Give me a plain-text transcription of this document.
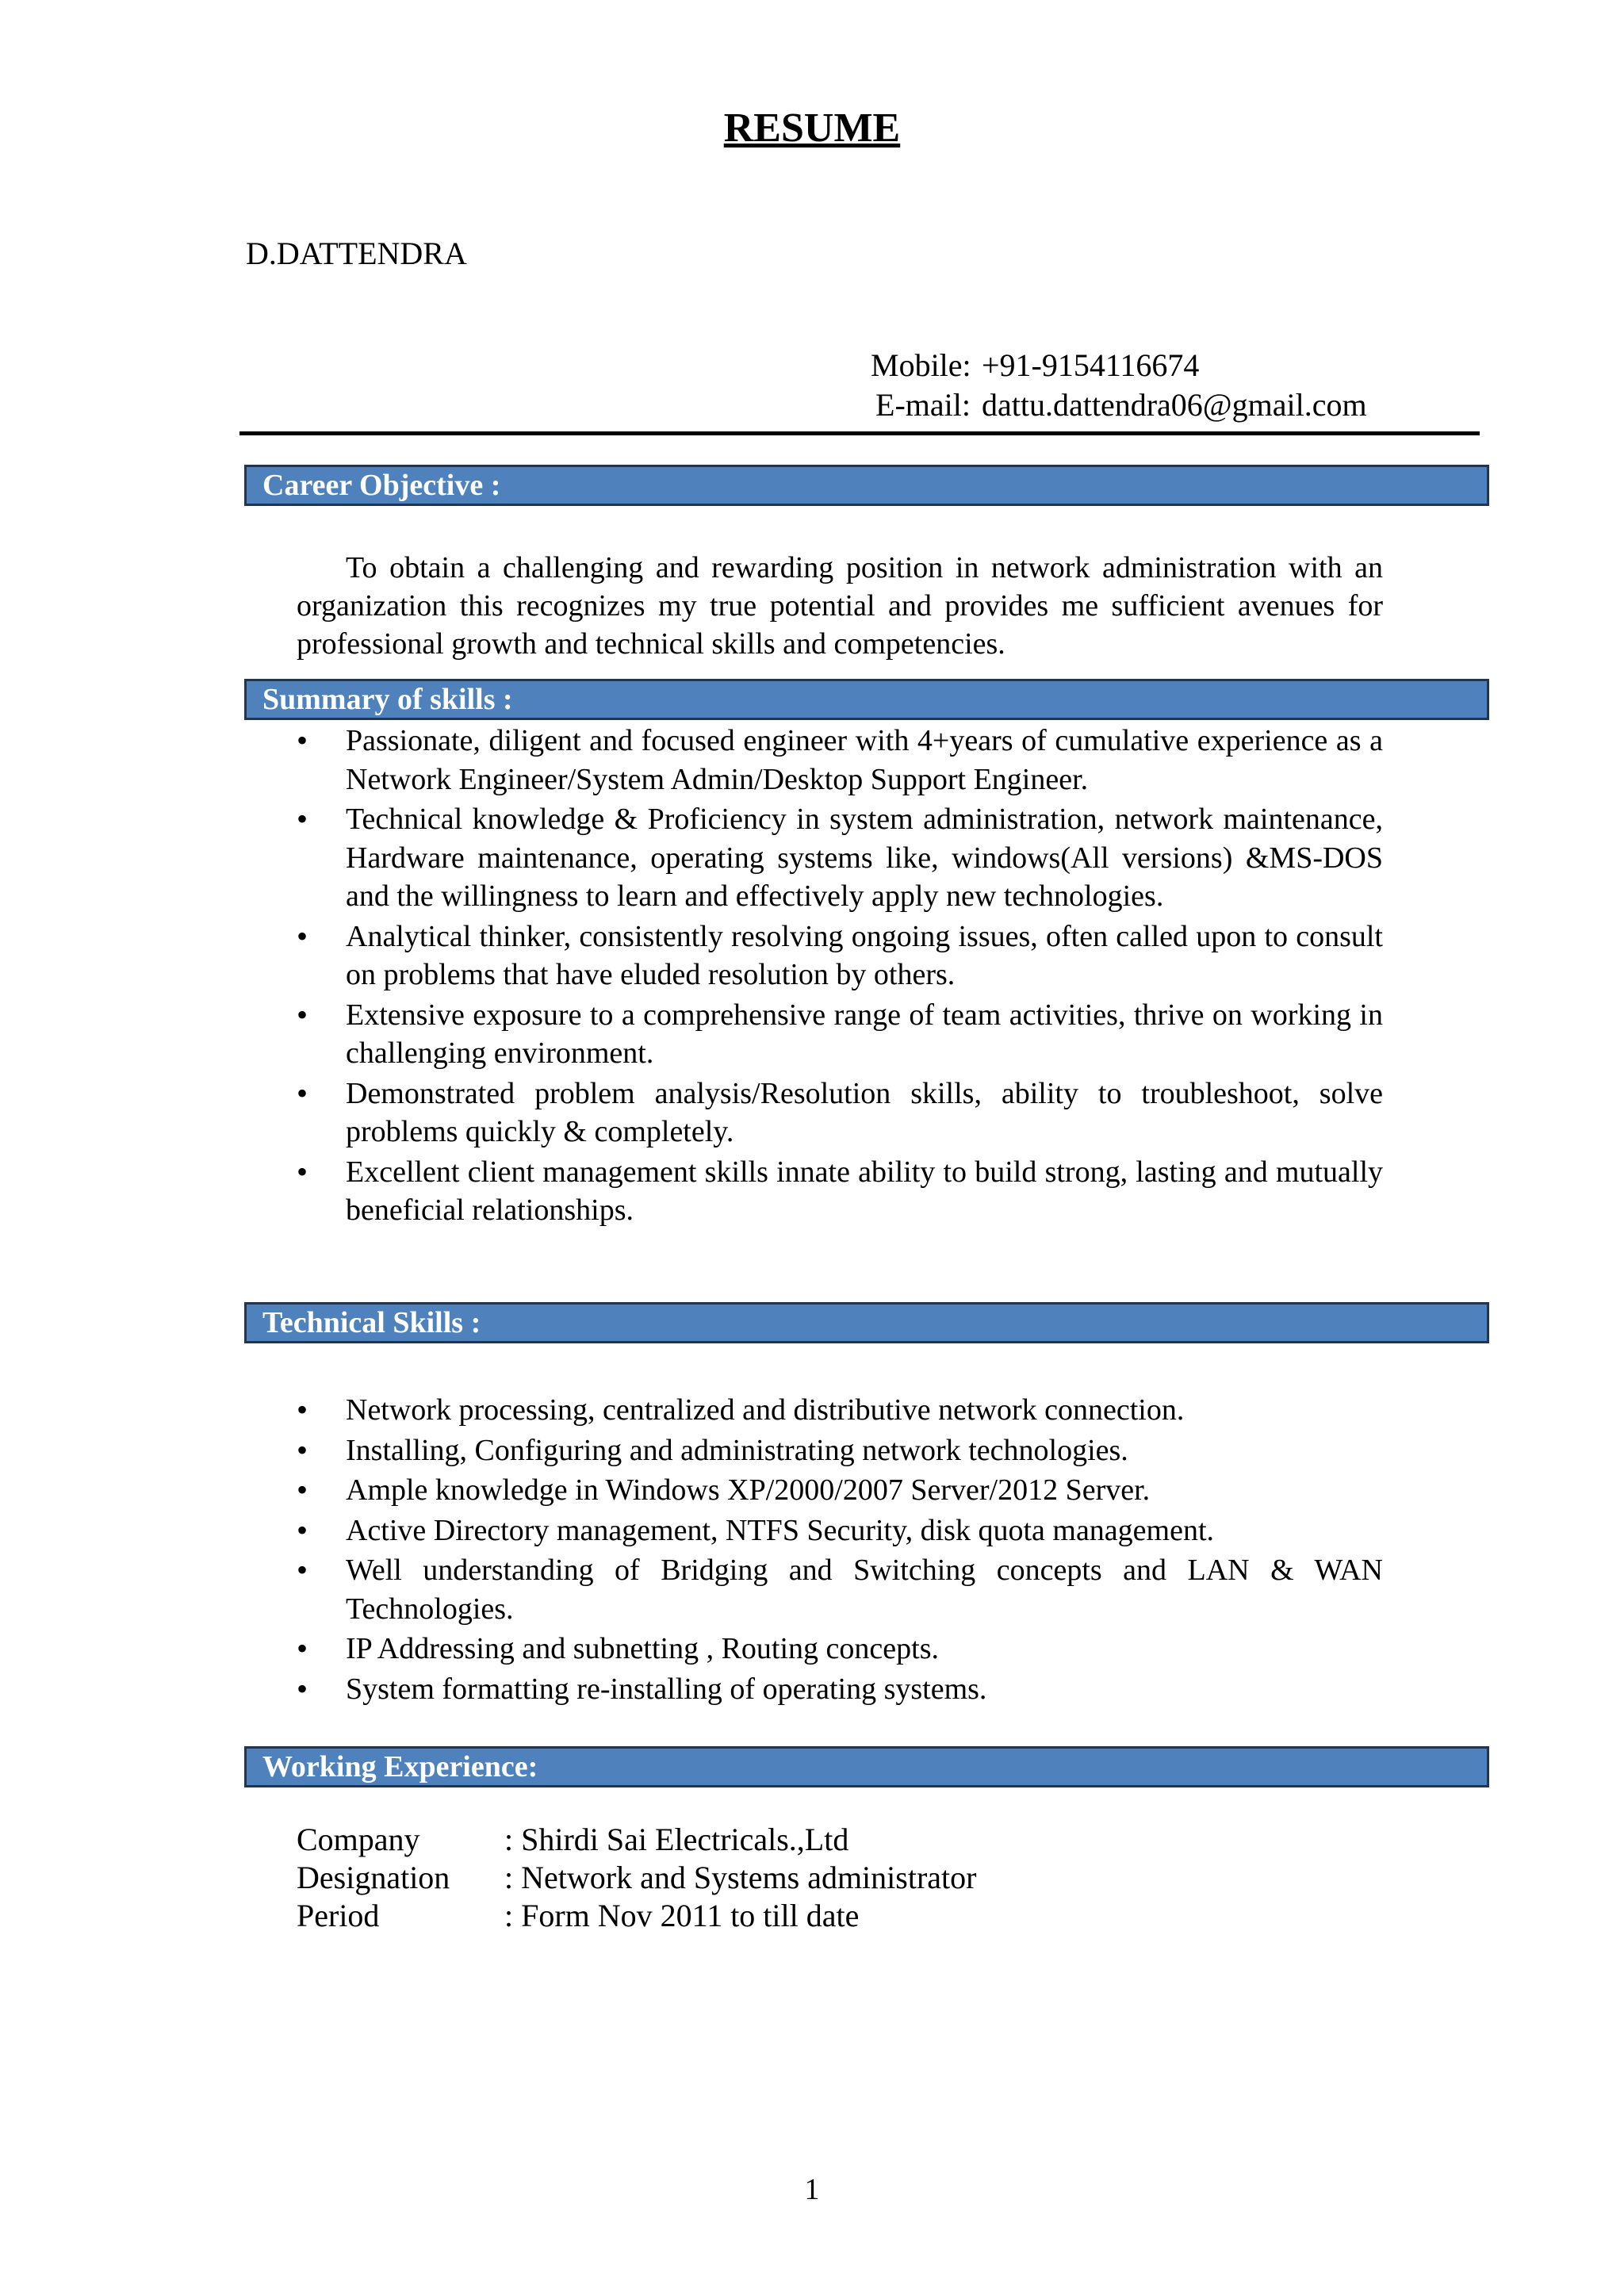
RESUME
D.DATTENDRA
Mobile: +91-9154116674
E-mail: dattu.dattendra06@gmail.com
Career Objective :
To obtain a challenging and rewarding position in network administration with an organization this recognizes my true potential and provides me sufficient avenues for professional growth and technical skills and competencies.
Summary of skills :
• Passionate, diligent and focused engineer with 4+years of cumulative experience as a Network Engineer/System Admin/Desktop Support Engineer.
• Technical knowledge & Proficiency in system administration, network maintenance, Hardware maintenance, operating systems like, windows(All versions) &MS-DOS and the willingness to learn and effectively apply new technologies.
• Analytical thinker, consistently resolving ongoing issues, often called upon to consult on problems that have eluded resolution by others.
• Extensive exposure to a comprehensive range of team activities, thrive on working in challenging environment.
• Demonstrated problem analysis/Resolution skills, ability to troubleshoot, solve problems quickly & completely.
• Excellent client management skills innate ability to build strong, lasting and mutually beneficial relationships.
Technical Skills :
• Network processing, centralized and distributive network connection.
• Installing, Configuring and administrating network technologies.
• Ample knowledge in Windows XP/2000/2007 Server/2012 Server.
• Active Directory management, NTFS Security, disk quota management.
• Well understanding of Bridging and Switching concepts and LAN & WAN Technologies.
• IP Addressing and subnetting , Routing concepts.
• System formatting re-installing of operating systems.
Working Experience:
Company	: Shirdi Sai Electricals.,Ltd
Designation : Network and Systems administrator
Period	: Form Nov 2011 to till date
1
